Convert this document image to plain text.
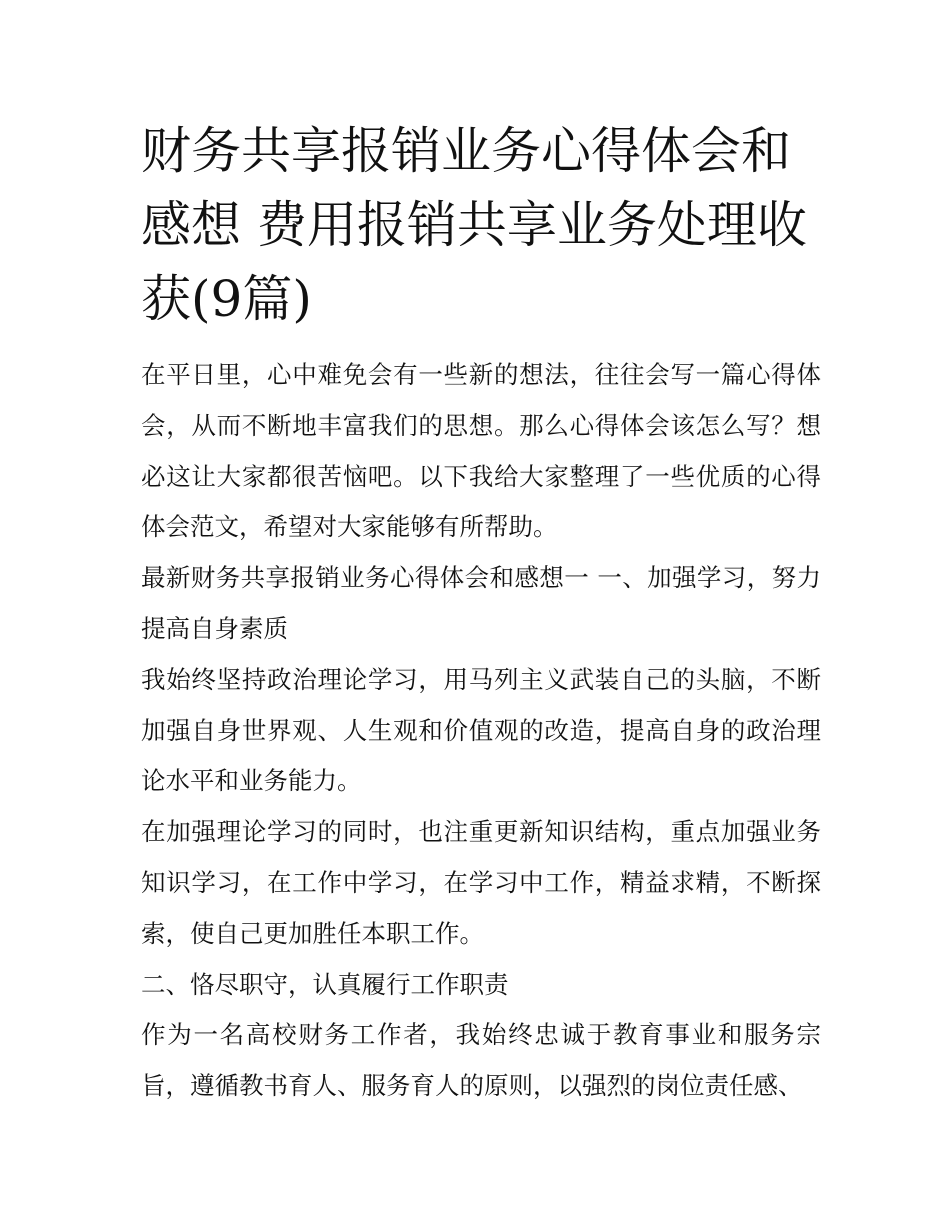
财务共享报销业务心得体会和感想 费用报销共享业务处理收获(9篇)

在平日里，心中难免会有一些新的想法，往往会写一篇心得体会，从而不断地丰富我们的思想。那么心得体会该怎么写？想必这让大家都很苦恼吧。以下我给大家整理了一些优质的心得体会范文，希望对大家能够有所帮助。

最新财务共享报销业务心得体会和感想一 一、加强学习，努力提高自身素质

我始终坚持政治理论学习，用马列主义武装自己的头脑，不断加强自身世界观、人生观和价值观的改造，提高自身的政治理论水平和业务能力。

在加强理论学习的同时，也注重更新知识结构，重点加强业务知识学习，在工作中学习，在学习中工作，精益求精，不断探索，使自己更加胜任本职工作。

二、恪尽职守，认真履行工作职责

作为一名高校财务工作者，我始终忠诚于教育事业和服务宗旨，遵循教书育人、服务育人的原则，以强烈的岗位责任感、
